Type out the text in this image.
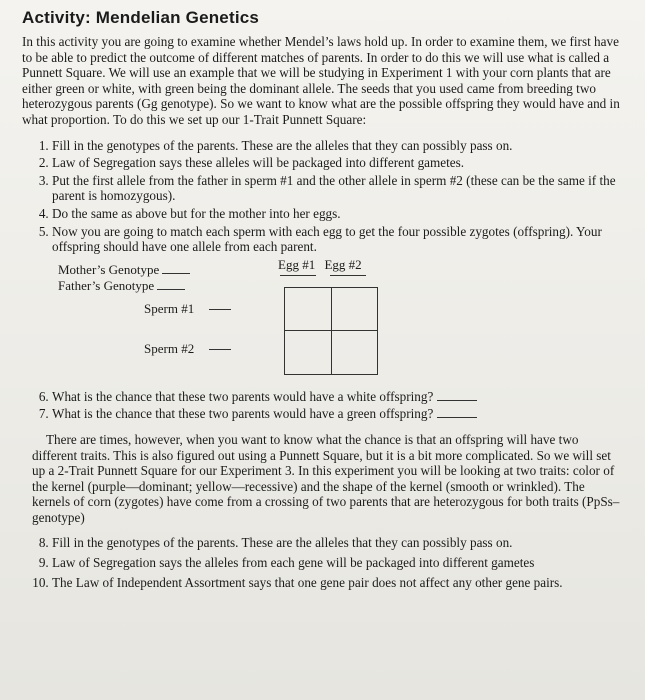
Activity: Mendelian Genetics

In this activity you are going to examine whether Mendel’s laws hold up. In order to examine them, we first have to be able to predict the outcome of different matches of parents. In order to do this we will use what is called a Punnett Square. We will use an example that we will be studying in Experiment 1 with your corn plants that are either green or white, with green being the dominant allele. The seeds that you used came from breeding two heterozygous parents (Gg genotype). So we want to know what are the possible offspring they would have and in what proportion. To do this we set up our 1-Trait Punnett Square:

1. Fill in the genotypes of the parents. These are the alleles that they can possibly pass on.
2. Law of Segregation says these alleles will be packaged into different gametes.
3. Put the first allele from the father in sperm #1 and the other allele in sperm #2 (these can be the same if the parent is homozygous).
4. Do the same as above but for the mother into her eggs.
5. Now you are going to match each sperm with each egg to get the four possible zygotes (offspring). Your offspring should have one allele from each parent.
Mother’s Genotype
Father’s Genotype
Egg #1 Egg #2
Sperm #1
Sperm #2
6. What is the chance that these two parents would have a white offspring?
7. What is the chance that these two parents would have a green offspring?

There are times, however, when you want to know what the chance is that an offspring will have two different traits. This is also figured out using a Punnett Square, but it is a bit more complicated. So we will set up a 2-Trait Punnett Square for our Experiment 3. In this experiment you will be looking at two traits: color of the kernel (purple—dominant; yellow—recessive) and the shape of the kernel (smooth or wrinkled). The kernels of corn (zygotes) have come from a crossing of two parents that are heterozygous for both traits (PpSs–genotype)

8. Fill in the genotypes of the parents. These are the alleles that they can possibly pass on.
9. Law of Segregation says the alleles from each gene will be packaged into different gametes
10. The Law of Independent Assortment says that one gene pair does not affect any other gene pairs.
